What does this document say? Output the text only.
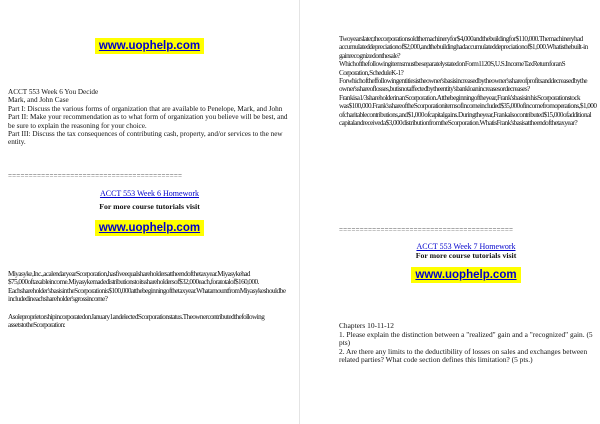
www.uophelp.com

ACCT 553 Week 6 You Decide

Mark, and John Case

Part I: Discuss the various forms of organization that are available to Penelope, Mark, and John

Part II: Make your recommendation as to what form of organization you believe will be best, and be sure to explain the reasoning for your choice.

Part III: Discuss the tax consequences of contributing cash, property, and/or services to the new entity.

==========================================
ACCT 553 Week 6 Homework
For more course tutorials visit
www.uophelp.com

Miyasyke,Inc.,acalendaryearScorporation,hasfiveequalshareholdersattheendofthetaxyear.Miyasykehad $75,000oftaxableincome.Miyasykemadedistributionsto itsshareholdersof$32,000each,foratotalof$160,000. Eachshareholder'sbasisin theScorporationis$100,000atthebeginningofthetaxyear.Whatamountfrom Miyasykeshould be includedin eachshareholder'sgrossincome?

Asoleproprietorshipincorporatedon January1andelectedScorporationstatus.Theownercontributedthefollowing assetstotheScorporation:

Twoyearslater,thecorporationsoldthemachineryfor$4,000 andthebuildingfor$110,000.Themachineryhad accumulateddepreciationof$2,000,andthebuildinghadaccumulateddepreciationof$1,000.Whatisthebuilt-in gainrecognizedonthesale?

Which ofthefollowingitemsmustbe separatelystated on Form1120S,U.S.IncomeTaxReturnforan S Corporation, ScheduleK-1? Forwhichoftheffollowingentitiesistheowner'sbasisincreasedbytheowner'sshareofprofitsanddecreasedbythe owner'sshareoflosses,butisnotaffectedbytheentity'sbankloanincreasesordecreases?

Frankisa1/3shareholderin an Scorporation.Atthebeginningoftheyear,Frank'sbasisin hisScorporationstock was$100,000.Frank'sshareoftheScorporationitemsofincomeincluded$35,000ofincomefromoperations,$1,000 ofcharitablecontributions,and$1,000 ofcapitalgains.Duringtheyear,Frankalsocontributed$15,000ofadditional capitalandreceiveda$3,000 distributionfromtheScorporation.WhatisFrank'sbasisattheendofthetaxyear?

==========================================
ACCT 553 Week 7 Homework
For more course tutorials visit
www.uophelp.com

Chapters 10-11-12

1. Please explain the distinction between a "realized" gain and a "recognized" gain. (5 pts)

2. Are there any limits to the deductibility of losses on sales and exchanges between related parties? What code section defines this limitation? (5 pts.)
